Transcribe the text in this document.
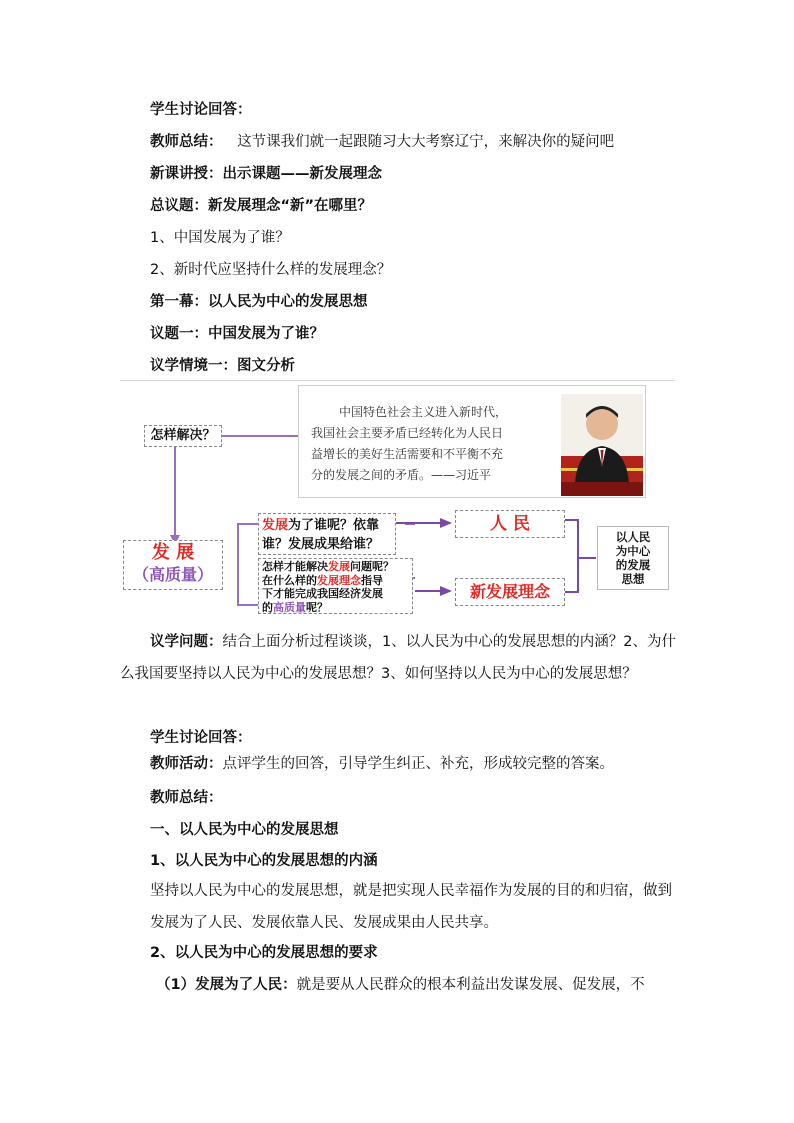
学生讨论回答：
教师总结： 这节课我们就一起跟随习大大考察辽宁，来解决你的疑问吧
新课讲授：出示课题——新发展理念
总议题：新发展理念“新”在哪里？
1、中国发展为了谁？
2、新时代应坚持什么样的发展理念？
第一幕：以人民为中心的发展思想
议题一：中国发展为了谁？
议学情境一：图文分析
中国特色社会主义进入新时代，
我国社会主要矛盾已经转化为人民日
益增长的美好生活需要和不平衡不充
分的发展之间的矛盾。——习近平
怎样解决？
发 展
（高质量）
发展为了谁呢？依靠
谁？发展成果给谁？
怎样才能解决发展问题呢？
在什么样的发展理念指导
下才能完成我国经济发展
的高质量呢？
人 民
新发展理念
以人民
为中心
的发展
思想
议学问题：结合上面分析过程谈谈，1、以人民为中心的发展思想的内涵？2、为什么我国要坚持以人民为中心的发展思想？3、如何坚持以人民为中心的发展思想？
学生讨论回答：
教师活动：点评学生的回答，引导学生纠正、补充，形成较完整的答案。
教师总结：
一、以人民为中心的发展思想
1、以人民为中心的发展思想的内涵
坚持以人民为中心的发展思想，就是把实现人民幸福作为发展的目的和归宿，做到发展为了人民、发展依靠人民、发展成果由人民共享。
2、以人民为中心的发展思想的要求
（1）发展为了人民：就是要从人民群众的根本利益出发谋发展、促发展，不
